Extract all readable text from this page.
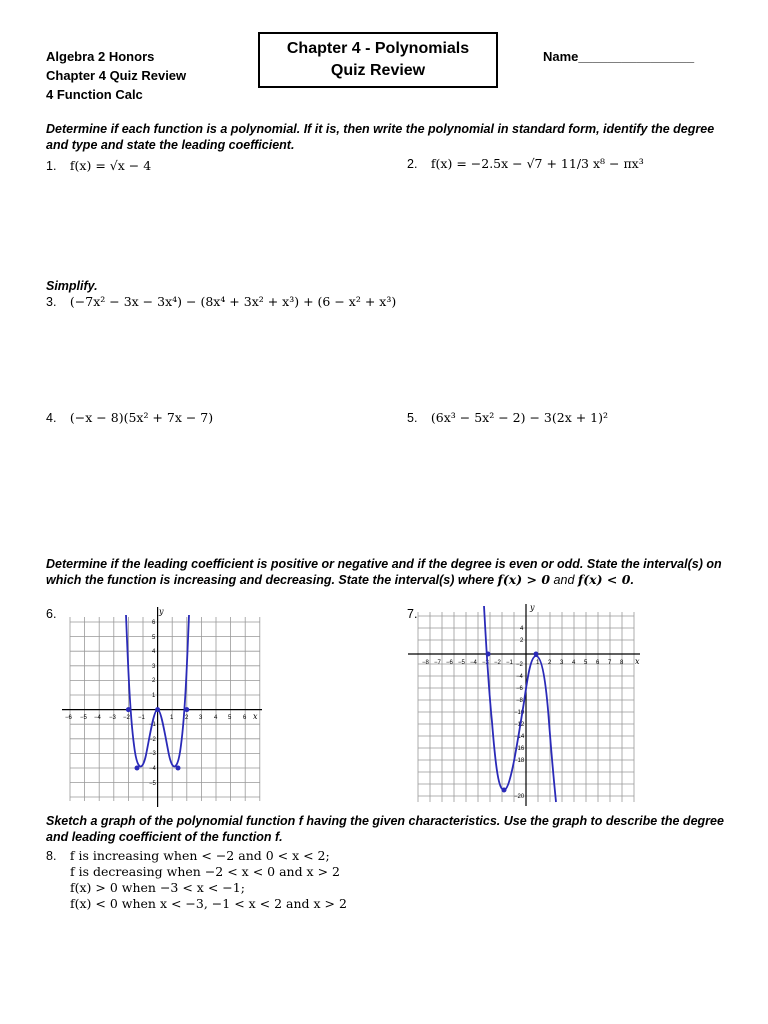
Algebra 2 Honors
Chapter 4 Quiz Review
4 Function Calc
Chapter 4 - Polynomials
Quiz Review
Name________________
Determine if each function is a polynomial. If it is, then write the polynomial in standard form, identify the degree and type and state the leading coefficient.
1. f(x) = √x − 4	2. f(x) = −2.5x − √7 + 11/3 x⁸ − πx³
Simplify.
3. (−7x² − 3x − 3x⁴) − (8x⁴ + 3x² + x³) + (6 − x² + x³)
4. (−x − 8)(5x² + 7x − 7)	5. (6x³ − 5x² − 2) − 3(2x + 1)²
Determine if the leading coefficient is positive or negative and if the degree is even or odd. State the interval(s) on which the function is increasing and decreasing. State the interval(s) where f(x) > 0 and f(x) < 0.
6.	7.
y
x
−6 −5 −4 −3 −2 −1	1 2 3 4 5 6
6
5
4
3
2
1
−1
−2
−3
−4
−5
y
x
−8 −7 −6 −5 −4 −3 −2 −1	1 2 3 4 5 6 7 8
4
2
−2
−4
−6
−8
−10
−12
−14
−16
−18
−20
Sketch a graph of the polynomial function f having the given characteristics. Use the graph to describe the degree and leading coefficient of the function f.
8. f is increasing when < −2 and 0 < x < 2;
f is decreasing when −2 < x < 0 and x > 2
f(x) > 0 when −3 < x < −1;
f(x) < 0 when x < −3, −1 < x < 2 and x > 2
